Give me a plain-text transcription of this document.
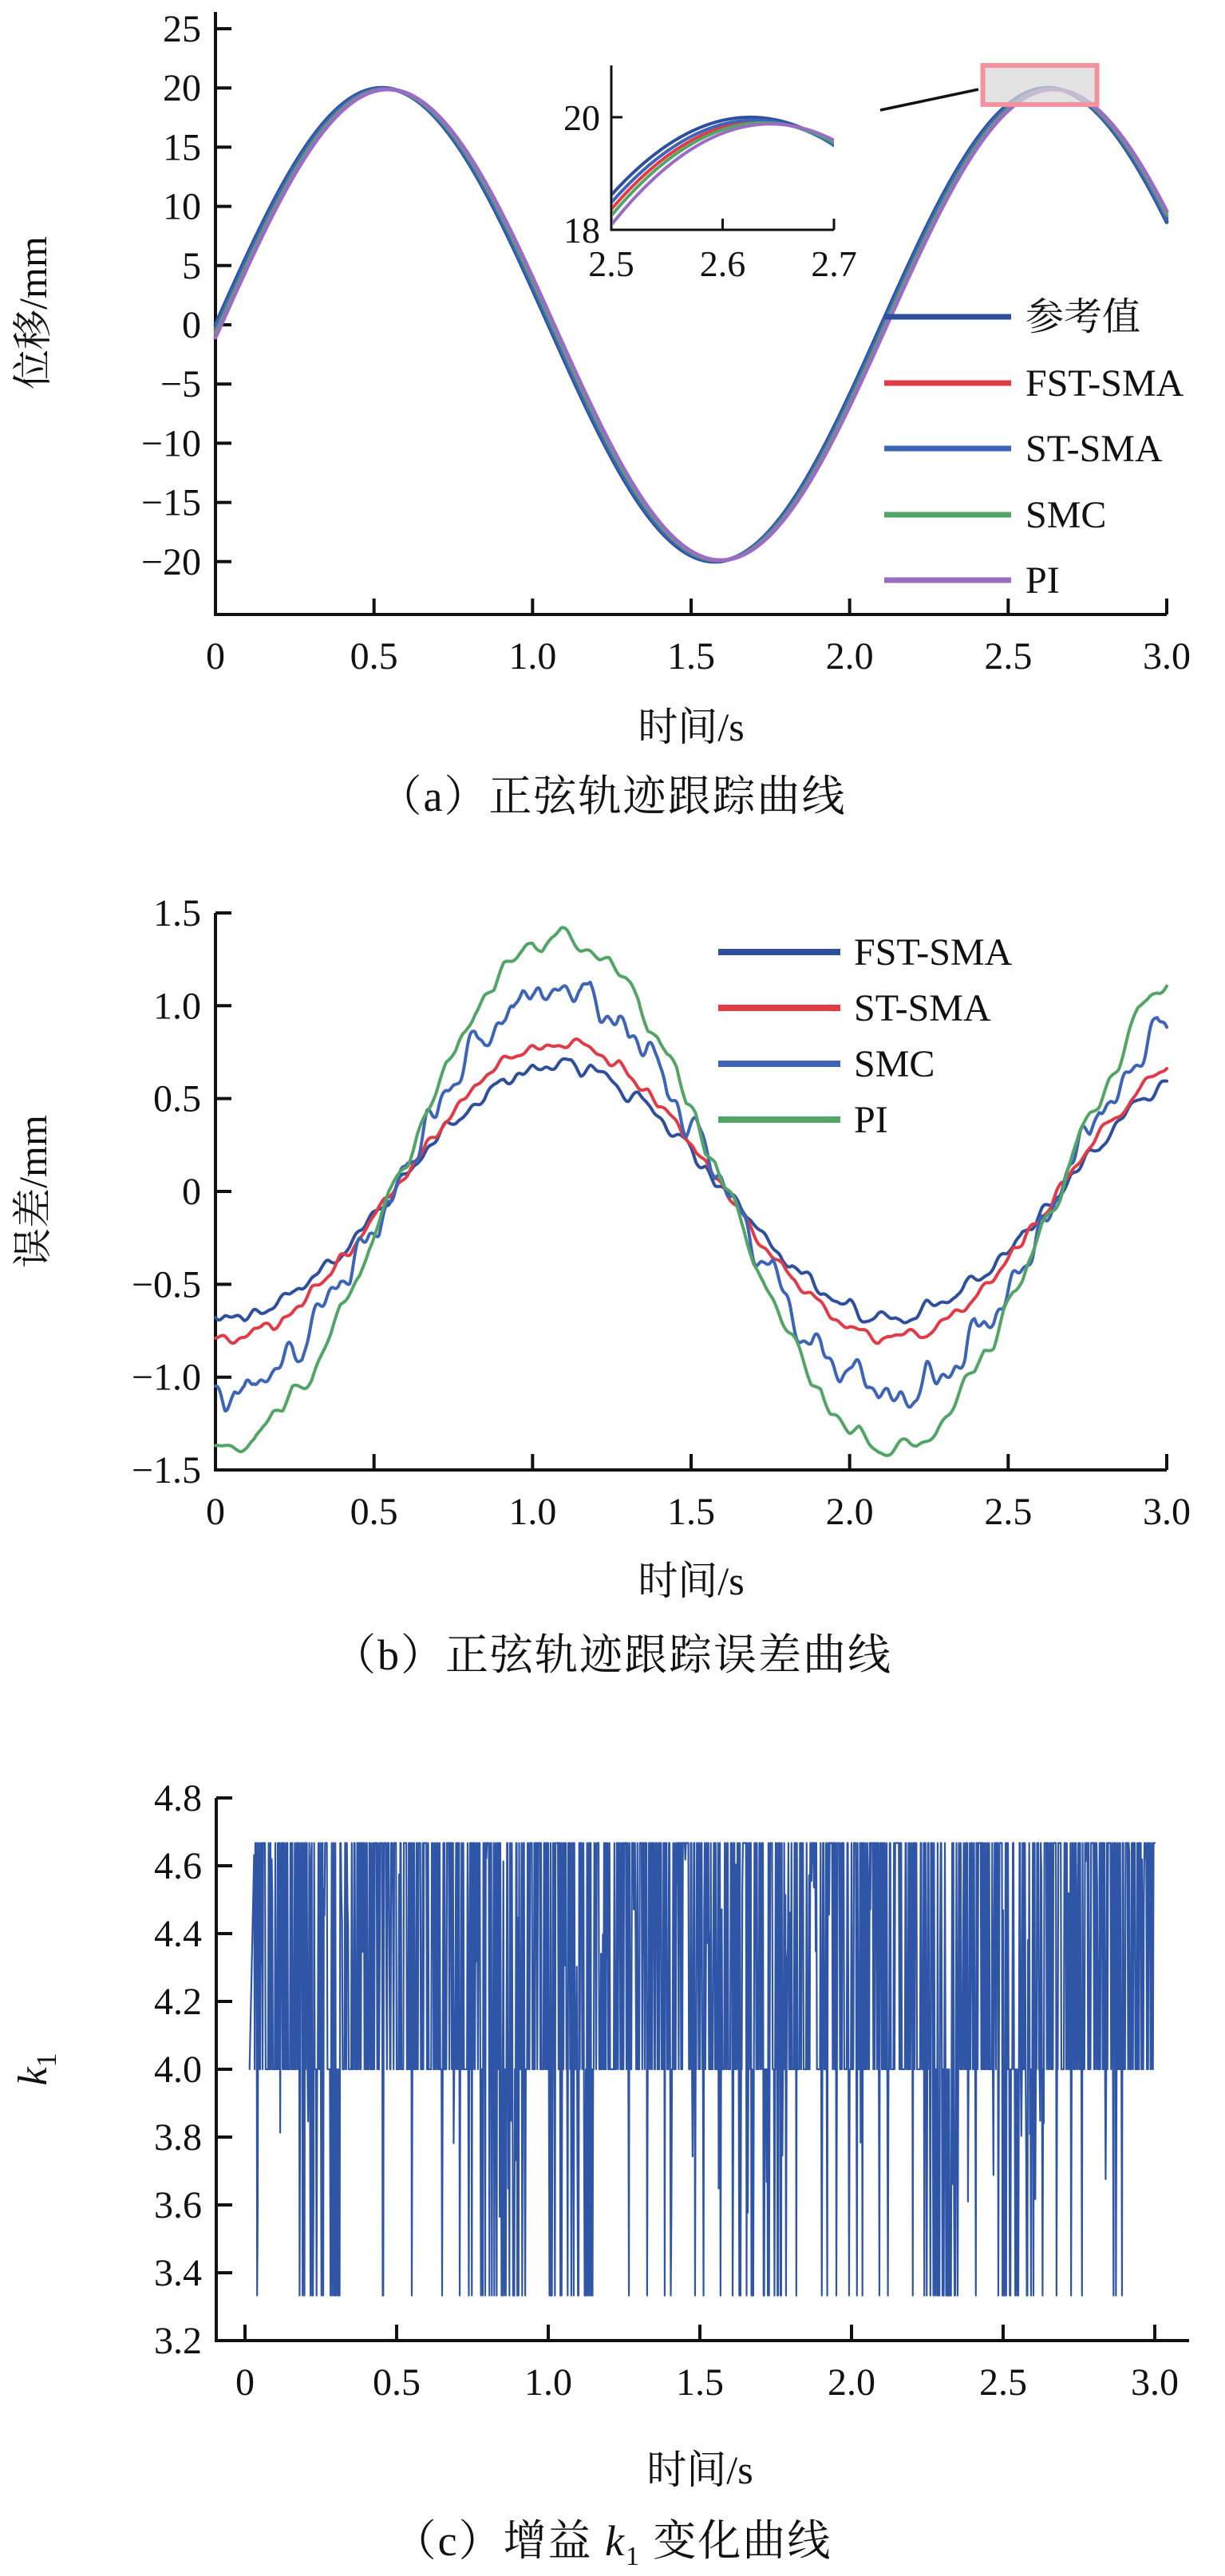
25
20
15
10
5
0
−5
−10
−15
−20
0	0.5	1.0	1.5	2.0	2.5	3.0
时间/s
位移/mm
20
18
2.5 2.6 2.7
参考值
FST-SMA
ST-SMA
SMC
PI
1.5
1.0
0.5
0
−0.5
−1.0
−1.5
0	0.5	1.0	1.5	2.0	2.5	3.0
时间/s
误差/mm
FST-SMA
ST-SMA
SMC
PI
4.8
4.6
4.4
4.2
4.0
3.8
3.6
3.4
3.2
0	0.5	1.0	1.5	2.0	2.5	3.0
时间/s
k1
（a）正弦轨迹跟踪曲线
（b）正弦轨迹跟踪误差曲线
（c）增益 $k_1$ 变化曲线
